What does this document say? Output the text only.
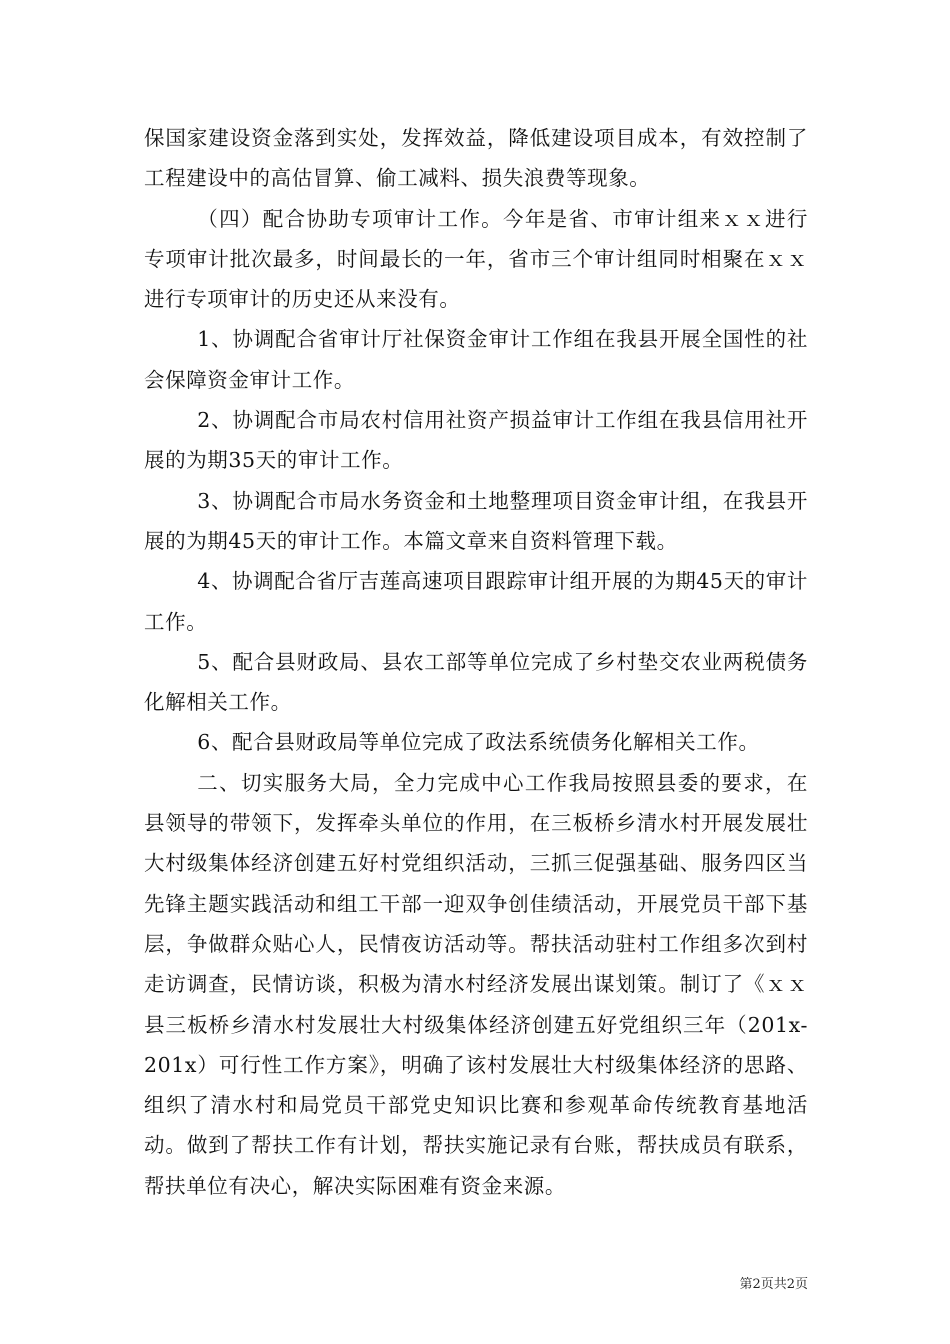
保国家建设资金落到实处，发挥效益，降低建设项目成本，有效控制了工程建设中的高估冒算、偷工减料、损失浪费等现象。

（四）配合协助专项审计工作。今年是省、市审计组来ｘｘ进行专项审计批次最多，时间最长的一年，省市三个审计组同时相聚在ｘｘ进行专项审计的历史还从来没有。

1、协调配合省审计厅社保资金审计工作组在我县开展全国性的社会保障资金审计工作。

2、协调配合市局农村信用社资产损益审计工作组在我县信用社开展的为期35天的审计工作。

3、协调配合市局水务资金和土地整理项目资金审计组，在我县开展的为期45天的审计工作。本篇文章来自资料管理下载。

4、协调配合省厅吉莲高速项目跟踪审计组开展的为期45天的审计工作。

5、配合县财政局、县农工部等单位完成了乡村垫交农业两税债务化解相关工作。

6、配合县财政局等单位完成了政法系统债务化解相关工作。

二、切实服务大局，全力完成中心工作我局按照县委的要求，在县领导的带领下，发挥牵头单位的作用，在三板桥乡清水村开展发展壮大村级集体经济创建五好村党组织活动，三抓三促强基础、服务四区当先锋主题实践活动和组工干部一迎双争创佳绩活动，开展党员干部下基层，争做群众贴心人，民情夜访活动等。帮扶活动驻村工作组多次到村走访调查，民情访谈，积极为清水村经济发展出谋划策。制订了《ｘｘ县三板桥乡清水村发展壮大村级集体经济创建五好党组织三年（201x-201x）可行性工作方案》，明确了该村发展壮大村级集体经济的思路、组织了清水村和局党员干部党史知识比赛和参观革命传统教育基地活动。做到了帮扶工作有计划，帮扶实施记录有台账，帮扶成员有联系，帮扶单位有决心，解决实际困难有资金来源。

第2页共2页
